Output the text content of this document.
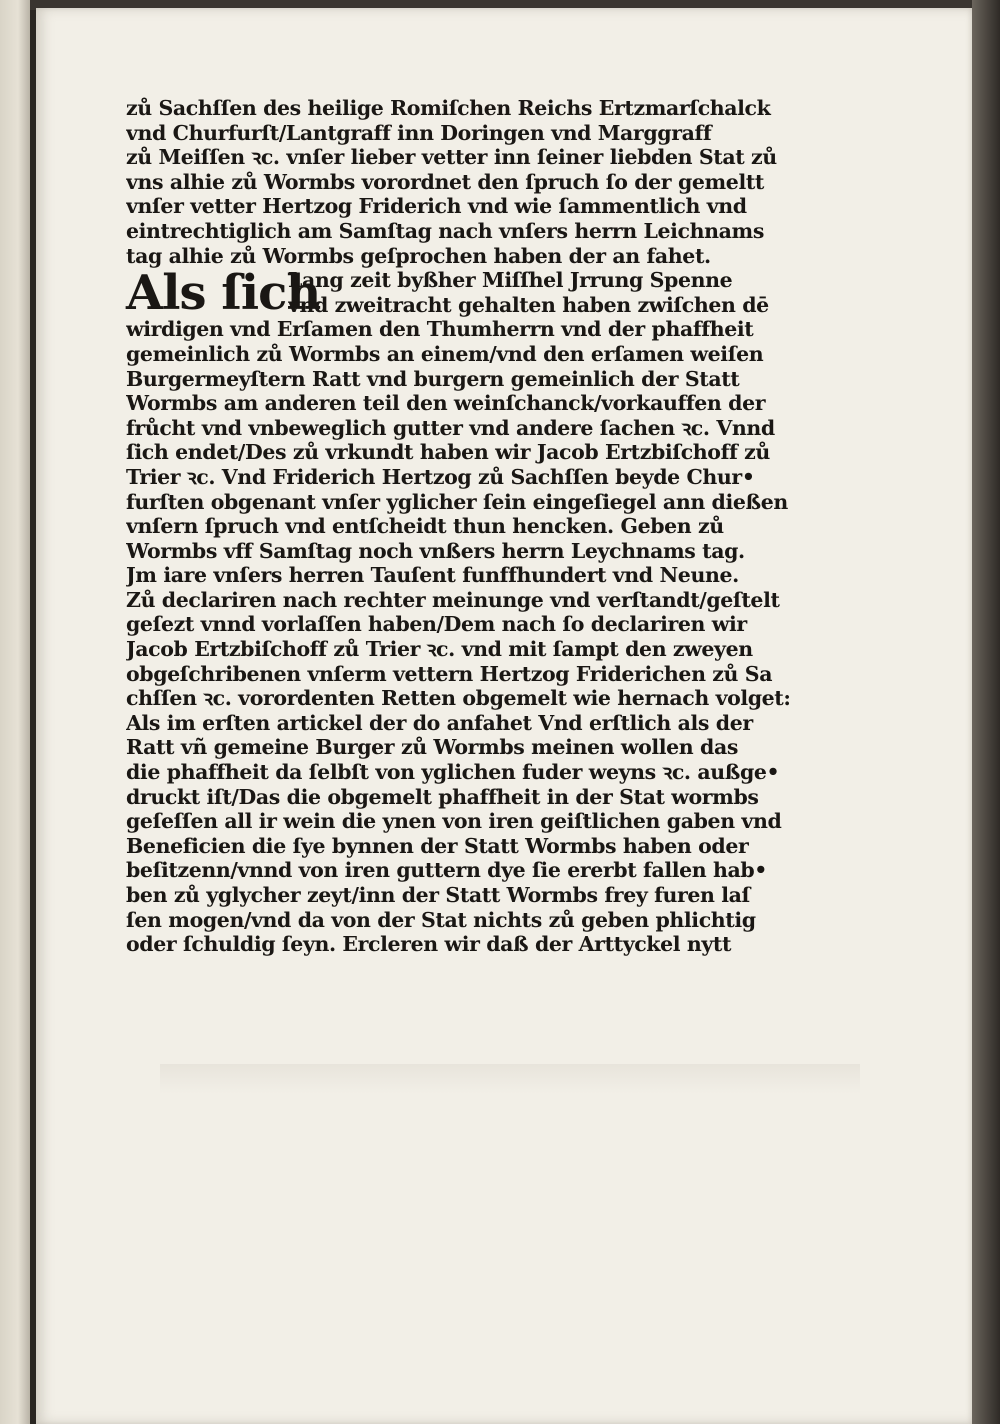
zů Sachſſen des heilige Romiſchen Reichs Ertzmarſchalck
vnd Churfurſt/Lantgraff inn Doringen vnd Marggraff
zů Meiſſen ꝛc. vnſer lieber vetter inn ſeiner liebden Stat zů
vns alhie zů Wormbs vorordnet den ſpruch ſo der gemeltt
vnſer vetter Hertzog Friderich vnd wie ſammentlich vnd
eintrechtiglich am Samſtag nach vnſers herrn Leichnams
tag alhie zů Wormbs geſprochen haben der an fahet.
Als ſich
Lang zeit byßher Miſſhel Jrrung Spenne
vnd zweitracht gehalten haben zwiſchen dē
wirdigen vnd Erſamen den Thumherrn vnd der phaffheit
gemeinlich zů Wormbs an einem/vnd den erſamen weiſen
Burgermeyſtern Ratt vnd burgern gemeinlich der Statt
Wormbs am anderen teil den weinſchanck/vorkauffen der
frůcht vnd vnbeweglich gutter vnd andere ſachen ꝛc. Vnnd
ſich endet/Des zů vrkundt haben wir Jacob Ertzbiſchoff zů
Trier ꝛc. Vnd Friderich Hertzog zů Sachſſen beyde Chur•
furſten obgenant vnſer yglicher ſein eingeſiegel ann dießen
vnſern ſpruch vnd entſcheidt thun hencken. Geben zů
Wormbs vff Samſtag noch vnßers herrn Leychnams tag.
Jm iare vnſers herren Tauſent funffhundert vnd Neune.
Zů declariren nach rechter meinunge vnd verſtandt/geſtelt
geſezt vnnd vorlaſſen haben/Dem nach ſo declariren wir
Jacob Ertzbiſchoff zů Trier ꝛc. vnd mit ſampt den zweyen
obgeſchribenen vnſerm vettern Hertzog Friderichen zů Sa
chſſen ꝛc. vorordenten Retten obgemelt wie hernach volget:
Als im erſten artickel der do anfahet Vnd erſtlich als der
Ratt vñ gemeine Burger zů Wormbs meinen wollen das
die phaffheit da ſelbſt von yglichen fuder weyns ꝛc. außge•
druckt iſt/Das die obgemelt phaffheit in der Stat wormbs
geſeſſen all ir wein die ynen von iren geiſtlichen gaben vnd
Beneficien die ſye bynnen der Statt Wormbs haben oder
beſitzenn/vnnd von iren guttern dye ſie ererbt fallen hab•
ben zů yglycher zeyt/inn der Statt Wormbs frey furen laſ
ſen mogen/vnd da von der Stat nichts zů geben phlichtig
oder ſchuldig ſeyn. Ercleren wir daß der Arttyckel nytt
